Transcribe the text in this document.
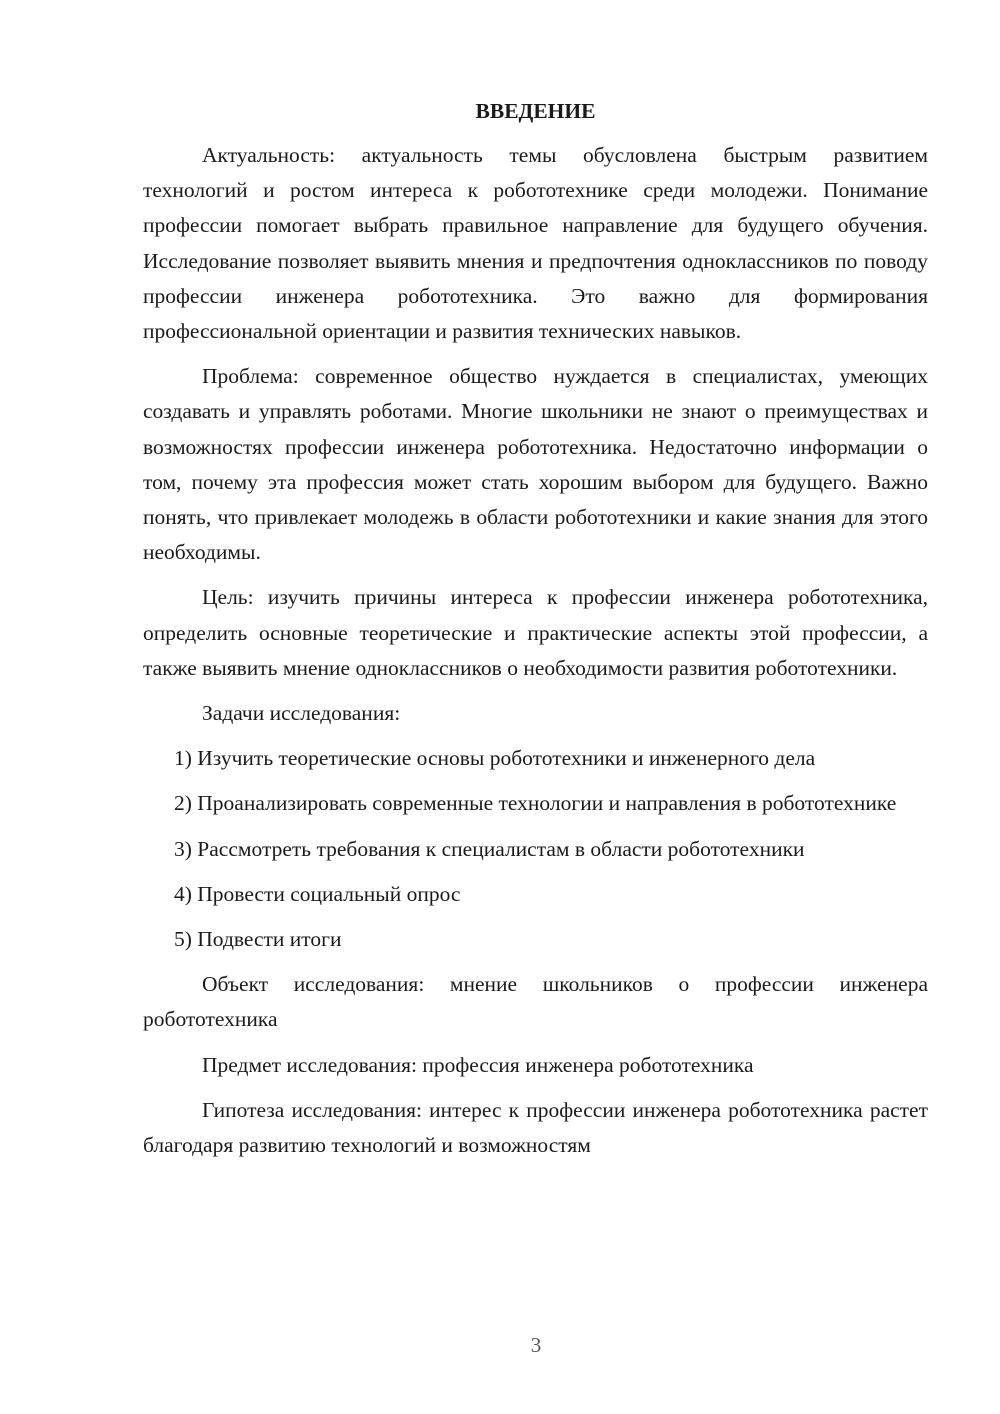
ВВЕДЕНИЕ

Актуальность: актуальность темы обусловлена быстрым развитием технологий и ростом интереса к робототехнике среди молодежи. Понимание профессии помогает выбрать правильное направление для будущего обучения. Исследование позволяет выявить мнения и предпочтения одноклассников по поводу профессии инженера робототехника. Это важно для формирования профессиональной ориентации и развития технических навыков.

Проблема: современное общество нуждается в специалистах, умеющих создавать и управлять роботами. Многие школьники не знают о преимуществах и возможностях профессии инженера робототехника. Недостаточно информации о том, почему эта профессия может стать хорошим выбором для будущего. Важно понять, что привлекает молодежь в области робототехники и какие знания для этого необходимы.

Цель: изучить причины интереса к профессии инженера робототехника, определить основные теоретические и практические аспекты этой профессии, а также выявить мнение одноклассников о необходимости развития робототехники.

Задачи исследования:

1) Изучить теоретические основы робототехники и инженерного дела

2) Проанализировать современные технологии и направления в робототехнике

3) Рассмотреть требования к специалистам в области робототехники

4) Провести социальный опрос

5) Подвести итоги

Объект исследования: мнение школьников о профессии инженера робототехника

Предмет исследования: профессия инженера робототехника

Гипотеза исследования: интерес к профессии инженера робототехника растет благодаря развитию технологий и возможностям

3
